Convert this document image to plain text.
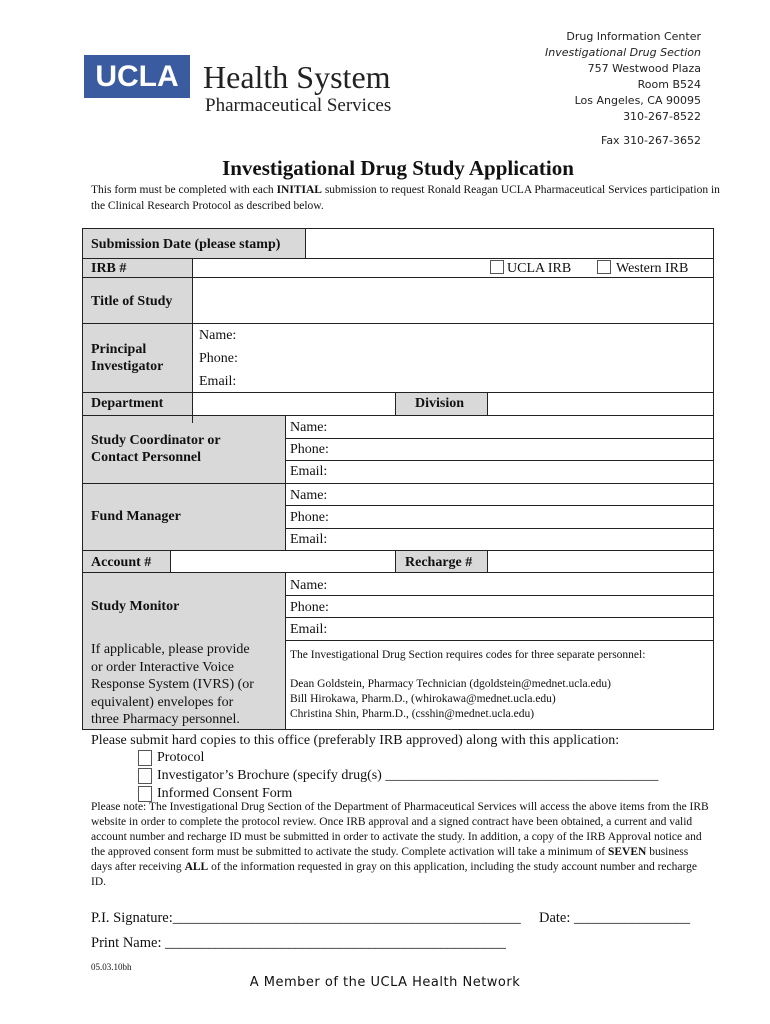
UCLA Health System
Pharmaceutical Services
Drug Information Center
Investigational Drug Section
757 Westwood Plaza
Room B524
Los Angeles, CA 90095
310-267-8522
Fax 310-267-3652
Investigational Drug Study Application
This form must be completed with each INITIAL submission to request Ronald Reagan UCLA Pharmaceutical Services participation in the Clinical Research Protocol as described below.
Submission Date (please stamp)
IRB #	UCLA IRB	Western IRB
Title of Study
Principal
Investigator
Name:
Phone:
Email:
Department	Division
Study Coordinator or
Contact Personnel
Name:
Phone:
Email:
Fund Manager
Name:
Phone:
Email:
Account #	Recharge #
Study Monitor
Name:
Phone:
Email:
If applicable, please provide
or order Interactive Voice
Response System (IVRS) (or
equivalent) envelopes for
three Pharmacy personnel.
The Investigational Drug Section requires codes for three separate personnel:
Dean Goldstein, Pharmacy Technician (dgoldstein@mednet.ucla.edu)
Bill Hirokawa, Pharm.D., (whirokawa@mednet.ucla.edu)
Christina Shin, Pharm.D., (csshin@mednet.ucla.edu)
Please submit hard copies to this office (preferably IRB approved) along with this application:
Protocol
Investigator’s Brochure (specify drug(s) _______________________________________
Informed Consent Form
Please note: The Investigational Drug Section of the Department of Pharmaceutical Services will access the above items from the IRB website in order to complete the protocol review. Once IRB approval and a signed contract have been obtained, a current and valid account number and recharge ID must be submitted in order to activate the study. In addition, a copy of the IRB Approval notice and the approved consent form must be submitted to activate the study. Complete activation will take a minimum of SEVEN business days after receiving ALL of the information requested in gray on this application, including the study account number and recharge ID.
P.I. Signature:________________________________________________ Date: ________________
Print Name: _______________________________________________
05.03.10bh
A Member of the UCLA Health Network
